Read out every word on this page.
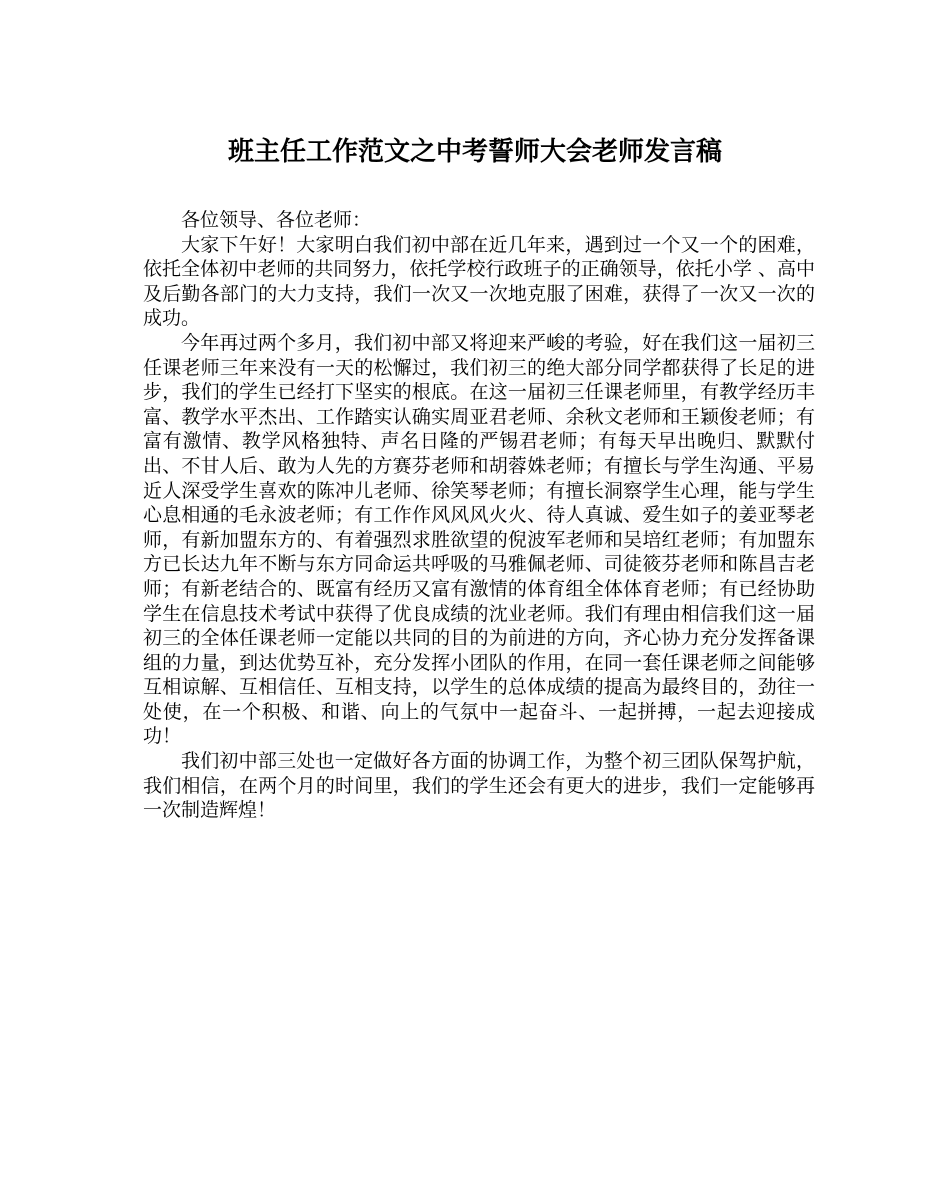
班主任工作范文之中考誓师大会老师发言稿

各位领导、各位老师：

大家下午好！大家明白我们初中部在近几年来，遇到过一个又一个的困难，依托全体初中老师的共同努力，依托学校行政班子的正确领导，依托小学 、高中及后勤各部门的大力支持，我们一次又一次地克服了困难，获得了一次又一次的成功。

今年再过两个多月，我们初中部又将迎来严峻的考验，好在我们这一届初三任课老师三年来没有一天的松懈过，我们初三的绝大部分同学都获得了长足的进步，我们的学生已经打下坚实的根底。在这一届初三任课老师里，有教学经历丰富、教学水平杰出、工作踏实认确实周亚君老师、余秋文老师和王颖俊老师；有富有激情、教学风格独特、声名日隆的严锡君老师；有每天早出晚归、默默付出、不甘人后、敢为人先的方赛芬老师和胡蓉姝老师；有擅长与学生沟通、平易近人深受学生喜欢的陈冲儿老师、徐笑琴老师；有擅长洞察学生心理，能与学生心息相通的毛永波老师；有工作作风风风火火、待人真诚、爱生如子的姜亚琴老师，有新加盟东方的、有着强烈求胜欲望的倪波军老师和吴培红老师；有加盟东方已长达九年不断与东方同命运共呼吸的马雅佩老师、司徒筱芬老师和陈昌吉老师；有新老结合的、既富有经历又富有激情的体育组全体体育老师；有已经协助学生在信息技术考试中获得了优良成绩的沈业老师。我们有理由相信我们这一届初三的全体任课老师一定能以共同的目的为前进的方向，齐心协力充分发挥备课组的力量，到达优势互补，充分发挥小团队的作用，在同一套任课老师之间能够互相谅解、互相信任、互相支持，以学生的总体成绩的提高为最终目的，劲往一处使，在一个积极、和谐、向上的气氛中一起奋斗、一起拼搏，一起去迎接成功！

我们初中部三处也一定做好各方面的协调工作，为整个初三团队保驾护航，我们相信，在两个月的时间里，我们的学生还会有更大的进步，我们一定能够再一次制造辉煌！
